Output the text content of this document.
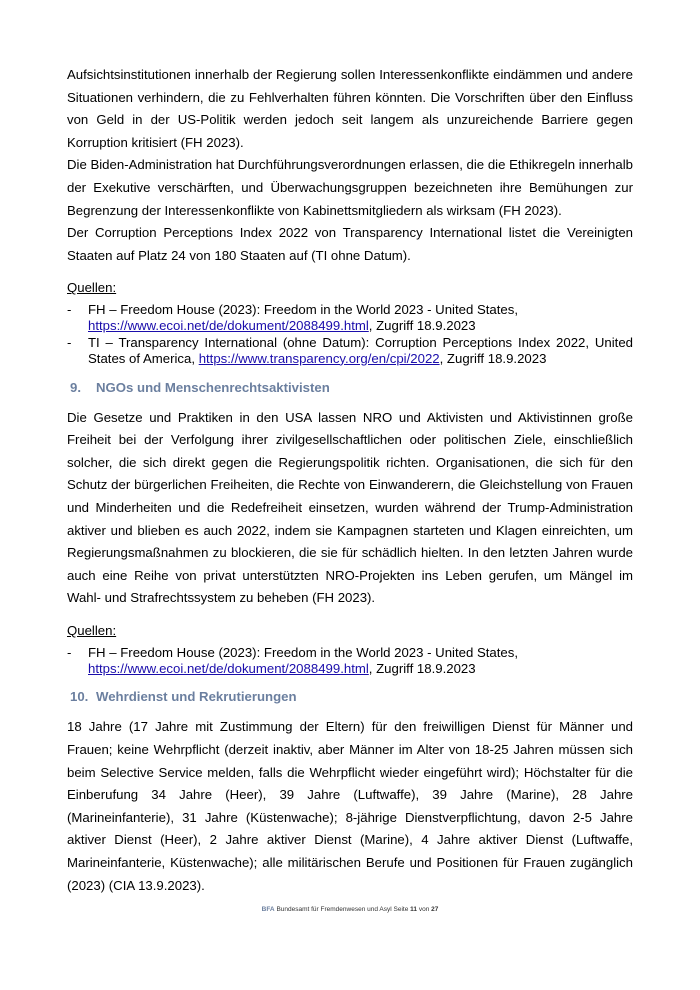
Aufsichtsinstitutionen innerhalb der Regierung sollen Interessenkonflikte eindämmen und andere Situationen verhindern, die zu Fehlverhalten führen könnten. Die Vorschriften über den Einfluss von Geld in der US-Politik werden jedoch seit langem als unzureichende Barriere gegen Korruption kritisiert (FH 2023).

Die Biden-Administration hat Durchführungsverordnungen erlassen, die die Ethikregeln innerhalb der Exekutive verschärften, und Überwachungsgruppen bezeichneten ihre Bemühungen zur Begrenzung der Interessenkonflikte von Kabinettsmitgliedern als wirksam (FH 2023).

Der Corruption Perceptions Index 2022 von Transparency International listet die Vereinigten Staaten auf Platz 24 von 180 Staaten auf (TI ohne Datum).

Quellen:
-	FH – Freedom House (2023): Freedom in the World 2023 - United States,
https://www.ecoi.net/de/dokument/2088499.html, Zugriff 18.9.2023
-	TI – Transparency International (ohne Datum): Corruption Perceptions Index 2022, United States of America, https://www.transparency.org/en/cpi/2022, Zugriff 18.9.2023
9. NGOs und Menschenrechtsaktivisten

Die Gesetze und Praktiken in den USA lassen NRO und Aktivisten und Aktivistinnen große Freiheit bei der Verfolgung ihrer zivilgesellschaftlichen oder politischen Ziele, einschließlich solcher, die sich direkt gegen die Regierungspolitik richten. Organisationen, die sich für den Schutz der bürgerlichen Freiheiten, die Rechte von Einwanderern, die Gleichstellung von Frauen und Minderheiten und die Redefreiheit einsetzen, wurden während der Trump-Administration aktiver und blieben es auch 2022, indem sie Kampagnen starteten und Klagen einreichten, um Regierungsmaßnahmen zu blockieren, die sie für schädlich hielten. In den letzten Jahren wurde auch eine Reihe von privat unterstützten NRO-Projekten ins Leben gerufen, um Mängel im Wahl- und Strafrechtssystem zu beheben (FH 2023).

Quellen:
-	FH – Freedom House (2023): Freedom in the World 2023 - United States,
https://www.ecoi.net/de/dokument/2088499.html, Zugriff 18.9.2023
10. Wehrdienst und Rekrutierungen

18 Jahre (17 Jahre mit Zustimmung der Eltern) für den freiwilligen Dienst für Männer und Frauen; keine Wehrpflicht (derzeit inaktiv, aber Männer im Alter von 18-25 Jahren müssen sich beim Selective Service melden, falls die Wehrpflicht wieder eingeführt wird); Höchstalter für die Einberufung 34 Jahre (Heer), 39 Jahre (Luftwaffe), 39 Jahre (Marine), 28 Jahre (Marineinfanterie), 31 Jahre (Küstenwache); 8-jährige Dienstverpflichtung, davon 2-5 Jahre aktiver Dienst (Heer), 2 Jahre aktiver Dienst (Marine), 4 Jahre aktiver Dienst (Luftwaffe, Marineinfanterie, Küstenwache); alle militärischen Berufe und Positionen für Frauen zugänglich (2023) (CIA 13.9.2023).

BFA Bundesamt für Fremdenwesen und Asyl Seite 11 von 27
